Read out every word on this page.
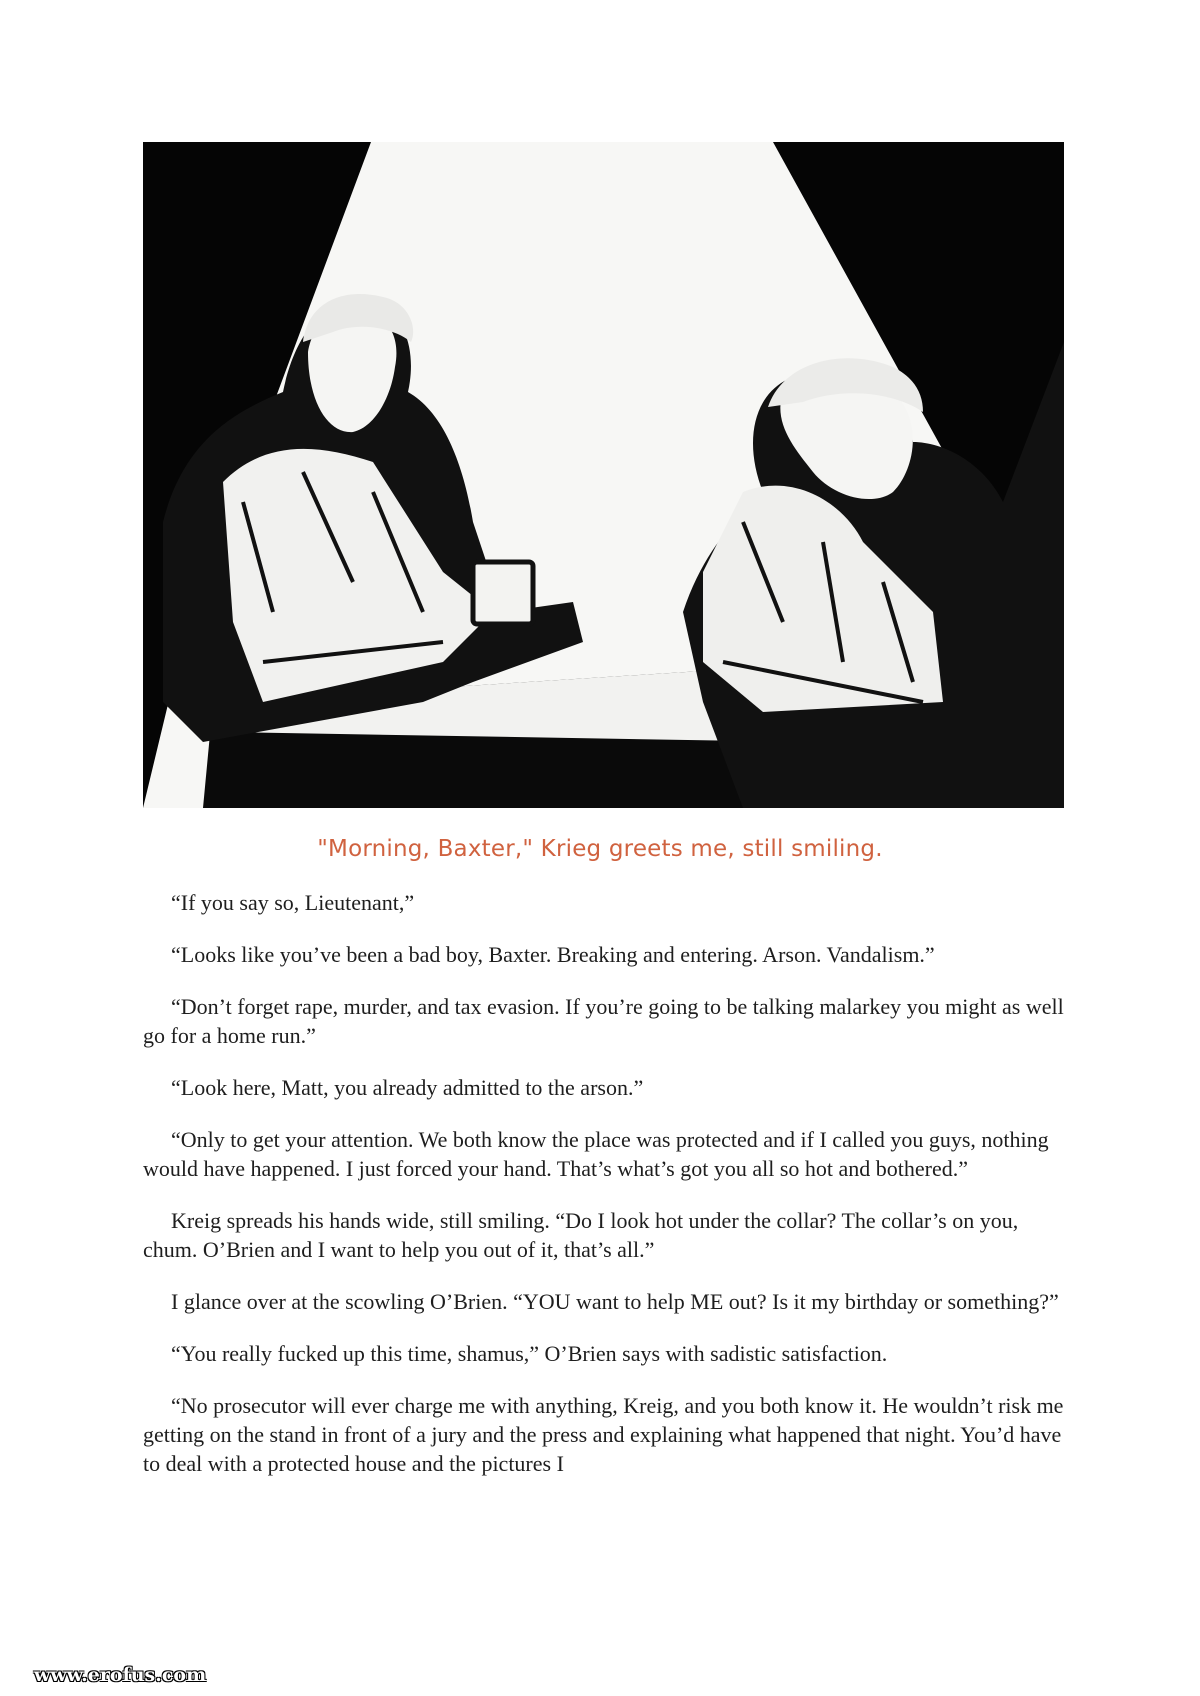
"Morning, Baxter," Krieg greets me, still smiling.

“If you say so, Lieutenant,”

“Looks like you’ve been a bad boy, Baxter. Breaking and entering. Arson. Vandalism.”

“Don’t forget rape, murder, and tax evasion. If you’re going to be talking malarkey you might as well go for a home run.”

“Look here, Matt, you already admitted to the arson.”

“Only to get your attention. We both know the place was protected and if I called you guys, nothing would have happened. I just forced your hand. That’s what’s got you all so hot and bothered.”

Kreig spreads his hands wide, still smiling. “Do I look hot under the collar? The collar’s on you, chum. O’Brien and I want to help you out of it, that’s all.”

I glance over at the scowling O’Brien. “YOU want to help ME out? Is it my birthday or something?”

“You really fucked up this time, shamus,” O’Brien says with sadistic satisfaction.

“No prosecutor will ever charge me with anything, Kreig, and you both know it. He wouldn’t risk me getting on the stand in front of a jury and the press and explaining what happened that night. You’d have to deal with a protected house and the pictures I

www.erofus.com
